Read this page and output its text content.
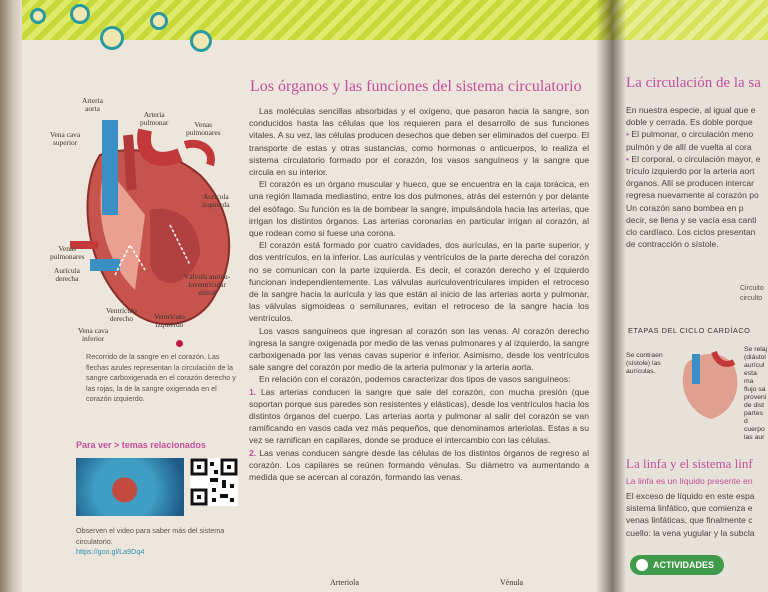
Los órganos y las funciones del sistema circulatorio
Arteria
aorta
Arteria
pulmonar	Venas
pulmonares
Vena cava
superior
Aurícula
izquierda
Venas
pulmonares
Aurícula
derecha	Válvula aurícu-
loventricular
mitral
Ventrículo
derecho	Ventrículo
izquierdo
Vena cava
inferior
Recorrido de la sangre en el corazón. Las flechas azules representan la circulación de la sangre carboxigenada en el corazón derecho y las rojas, la de la sangre oxigenada en el corazón izquierdo.
Para ver > temas relacionados
Observen el video para saber más del sistema circulatorio.
https://goo.gl/La9Dq4

Las moléculas sencillas absorbidas y el oxígeno, que pasaron hacia la sangre, son conducidos hasta las células que los requieren para el desarrollo de sus funciones vitales. A su vez, las células producen desechos que deben ser eliminados del cuerpo. El transporte de estas y otras sustancias, como hormonas o anticuerpos, lo realiza el sistema circulatorio formado por el corazón, los vasos sanguíneos y la sangre que circula en su interior.

El corazón es un órgano muscular y hueco, que se encuentra en la caja torácica, en una región llamada mediastino, entre los dos pulmones, atrás del esternón y por delante del esófago. Su función es la de bombear la sangre, impulsándola hacia las arterias, que irrigan los distintos órganos. Las arterias coronarias en particular irrigan al corazón, al que rodean como si fuese una corona.

El corazón está formado por cuatro cavidades, dos aurículas, en la parte superior, y dos ventrículos, en la inferior. Las aurículas y ventrículos de la parte derecha del corazón no se comunican con la parte izquierda. Es decir, el corazón derecho y el izquierdo funcionan independientemente. Las válvulas auriculoventriculares impiden el retroceso de la sangre hacia la aurícula y las que están al inicio de las arterias aorta y pulmonar, las válvulas sigmoideas o semilunares, evitan el retroceso de la sangre hacia los ventrículos.

Los vasos sanguíneos que ingresan al corazón son las venas. Al corazón derecho ingresa la sangre oxigenada por medio de las venas pulmonares y al izquierdo, la sangre carboxigenada por las venas cavas superior e inferior. Asimismo, desde los ventrículos sale sangre del corazón por medio de la arteria pulmonar y la arteria aorta.

En relación con el corazón, podemos caracterizar dos tipos de vasos sanguíneos:

1. Las arterias conducen la sangre que sale del corazón, con mucha presión (que soportan porque sus paredes son resistentes y elásticas), desde los ventrículos hacia los distintos órganos del cuerpo. Las arterias aorta y pulmonar al salir del corazón se van ramificando en vasos cada vez más pequeños, que denominamos arteriolas. Estas a su vez se ramifican en capilares, donde se produce el intercambio con las células.

2. Las venas conducen sangre desde las células de los distintos órganos de regreso al corazón. Los capilares se reúnen formando vénulas. Su diámetro va aumentando a medida que se acercan al corazón, formando las venas.

Arteriola	Vénula
La circulación de la sa
En nuestra especie, al igual que e
doble y cerrada. Es doble porque
• El pulmonar, o circulación meno
pulmón y de allí de vuelta al cora
• El corporal, o circulación mayor, e
trículo izquierdo por la arteria aort
órganos. Allí se producen intercar
regresa nuevamente al corazón po
Un corazón sano bombea en p
decir, se llena y se vacía esa canti
clo cardíaco. Los ciclos presentan
de contracción o sístole.
Circuito
circulto
ETAPAS DEL CICLO CARDÍACO
Se contraen
(sístole) las
aurículas.
Se relaj
(diástol
aurícul
esta ma
flujo sa
proveni
de dist
partes d
cuerpo
las aur
La linfa y el sistema linf
La linfa es un líquido presente en
El exceso de líquido en este espa
sistema linfático, que comienza e
venas linfáticas, que finalmente c
cuello: la vena yugular y la subcla
ACTIVIDADES
